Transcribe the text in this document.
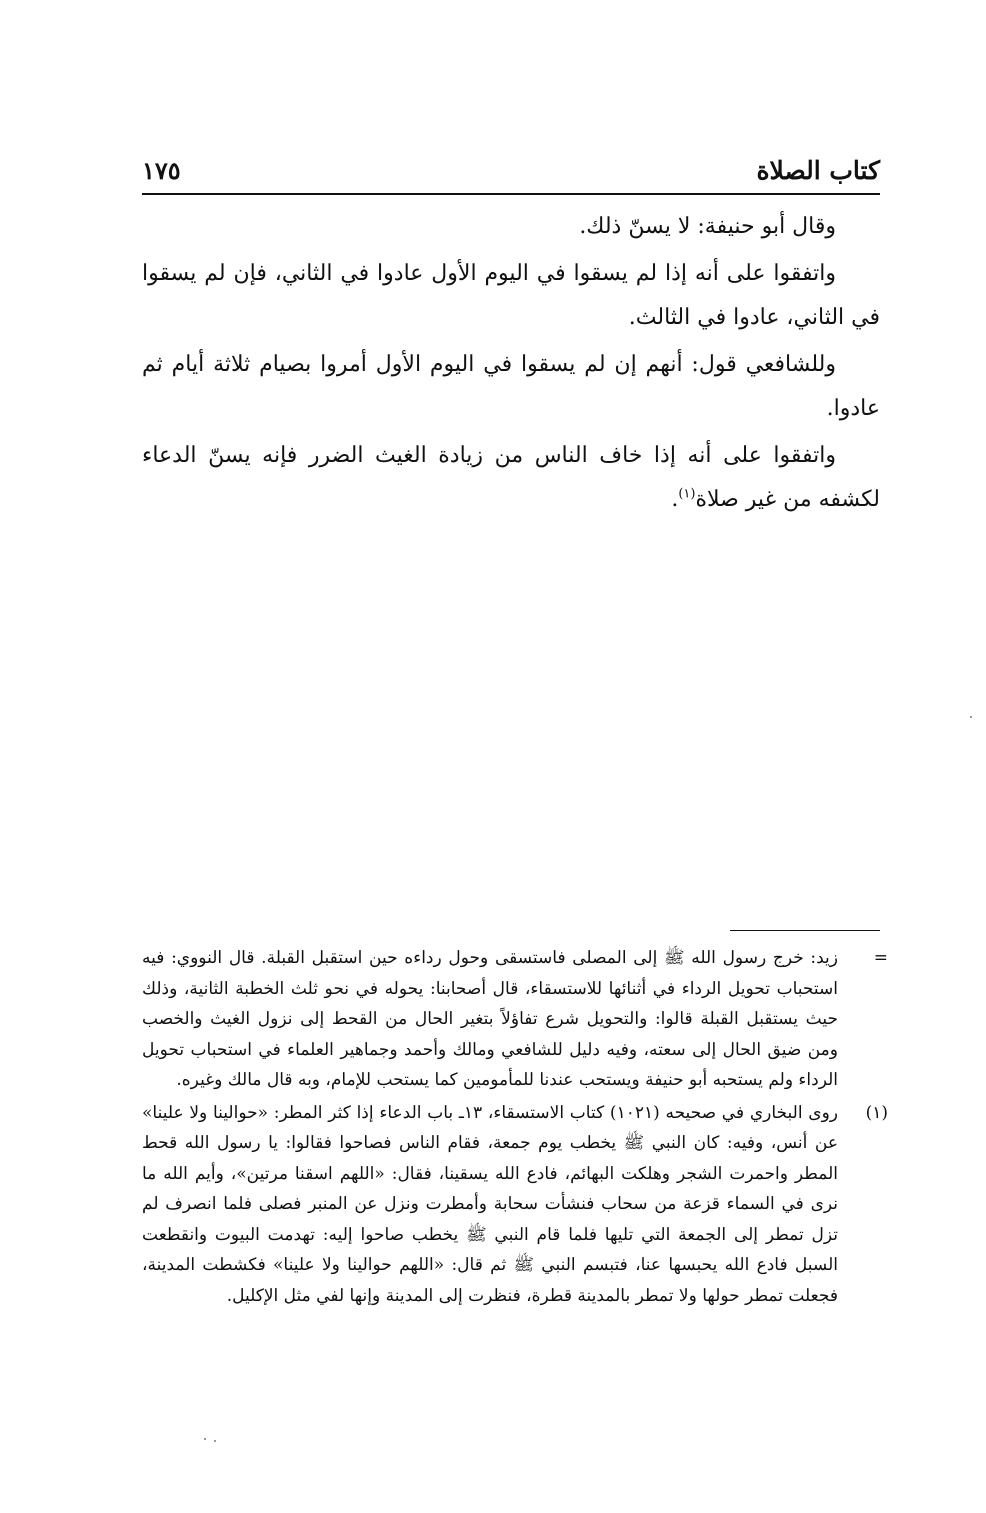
كتاب الصلاة
١٧٥

وقال أبو حنيفة: لا يسنّ ذلك.

واتفقوا على أنه إذا لم يسقوا في اليوم الأول عادوا في الثاني، فإن لم يسقوا في الثاني، عادوا في الثالث.

وللشافعي قول: أنهم إن لم يسقوا في اليوم الأول أمروا بصيام ثلاثة أيام ثم عادوا.

واتفقوا على أنه إذا خاف الناس من زيادة الغيث الضرر فإنه يسنّ الدعاء لكشفه من غير صلاة$^{(١)}$.

=
زيد: خرج رسول الله ﷺ إلى المصلى فاستسقى وحول رداءه حين استقبل القبلة. قال النووي: فيه استحباب تحويل الرداء في أثنائها للاستسقاء، قال أصحابنا: يحوله في نحو ثلث الخطبة الثانية، وذلك حيث يستقبل القبلة قالوا: والتحويل شرع تفاؤلاً بتغير الحال من القحط إلى نزول الغيث والخصب ومن ضيق الحال إلى سعته، وفيه دليل للشافعي ومالك وأحمد وجماهير العلماء في استحباب تحويل الرداء ولم يستحبه أبو حنيفة ويستحب عندنا للمأمومين كما يستحب للإمام، وبه قال مالك وغيره.
(١)
روى البخاري في صحيحه (١٠٢١) كتاب الاستسقاء، ١٣ـ باب الدعاء إذا كثر المطر: «حوالينا ولا علينا» عن أنس، وفيه: كان النبي ﷺ يخطب يوم جمعة، فقام الناس فصاحوا فقالوا: يا رسول الله قحط المطر واحمرت الشجر وهلكت البهائم، فادع الله يسقينا، فقال: «اللهم اسقنا مرتين»، وأيم الله ما نرى في السماء قزعة من سحاب فنشأت سحابة وأمطرت ونزل عن المنبر فصلى فلما انصرف لم تزل تمطر إلى الجمعة التي تليها فلما قام النبي ﷺ يخطب صاحوا إليه: تهدمت البيوت وانقطعت السبل فادع الله يحبسها عنا، فتبسم النبي ﷺ ثم قال: «اللهم حوالينا ولا علينا» فكشطت المدينة، فجعلت تمطر حولها ولا تمطر بالمدينة قطرة، فنظرت إلى المدينة وإنها لفي مثل الإكليل.
